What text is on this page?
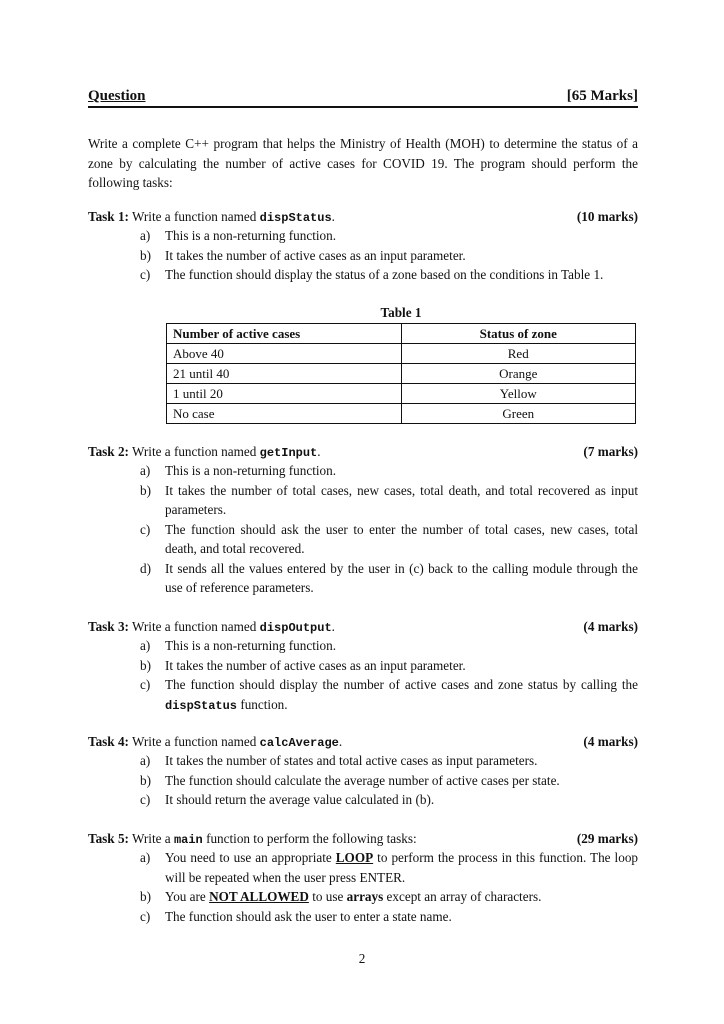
Question	[65 Marks]
Write a complete C++ program that helps the Ministry of Health (MOH) to determine the status of a zone by calculating the number of active cases for COVID 19. The program should perform the following tasks:
Task 1: Write a function named dispStatus.	(10 marks)
a) This is a non-returning function.
b) It takes the number of active cases as an input parameter.
c) The function should display the status of a zone based on the conditions in Table 1.
Table 1
Number of active cases	Status of zone
Above 40	Red
21 until 40	Orange
1 until 20	Yellow
No case	Green
Task 2: Write a function named getInput.	(7 marks)
a) This is a non-returning function.
b) It takes the number of total cases, new cases, total death, and total recovered as input parameters.
c) The function should ask the user to enter the number of total cases, new cases, total death, and total recovered.
d) It sends all the values entered by the user in (c) back to the calling module through the use of reference parameters.
Task 3: Write a function named dispOutput.	(4 marks)
a) This is a non-returning function.
b) It takes the number of active cases as an input parameter.
c) The function should display the number of active cases and zone status by calling the dispStatus function.
Task 4: Write a function named calcAverage.	(4 marks)
a) It takes the number of states and total active cases as input parameters.
b) The function should calculate the average number of active cases per state.
c) It should return the average value calculated in (b).
Task 5: Write a main function to perform the following tasks:	(29 marks)
a) You need to use an appropriate LOOP to perform the process in this function. The loop will be repeated when the user press ENTER.
b) You are NOT ALLOWED to use arrays except an array of characters.
c) The function should ask the user to enter a state name.
2
